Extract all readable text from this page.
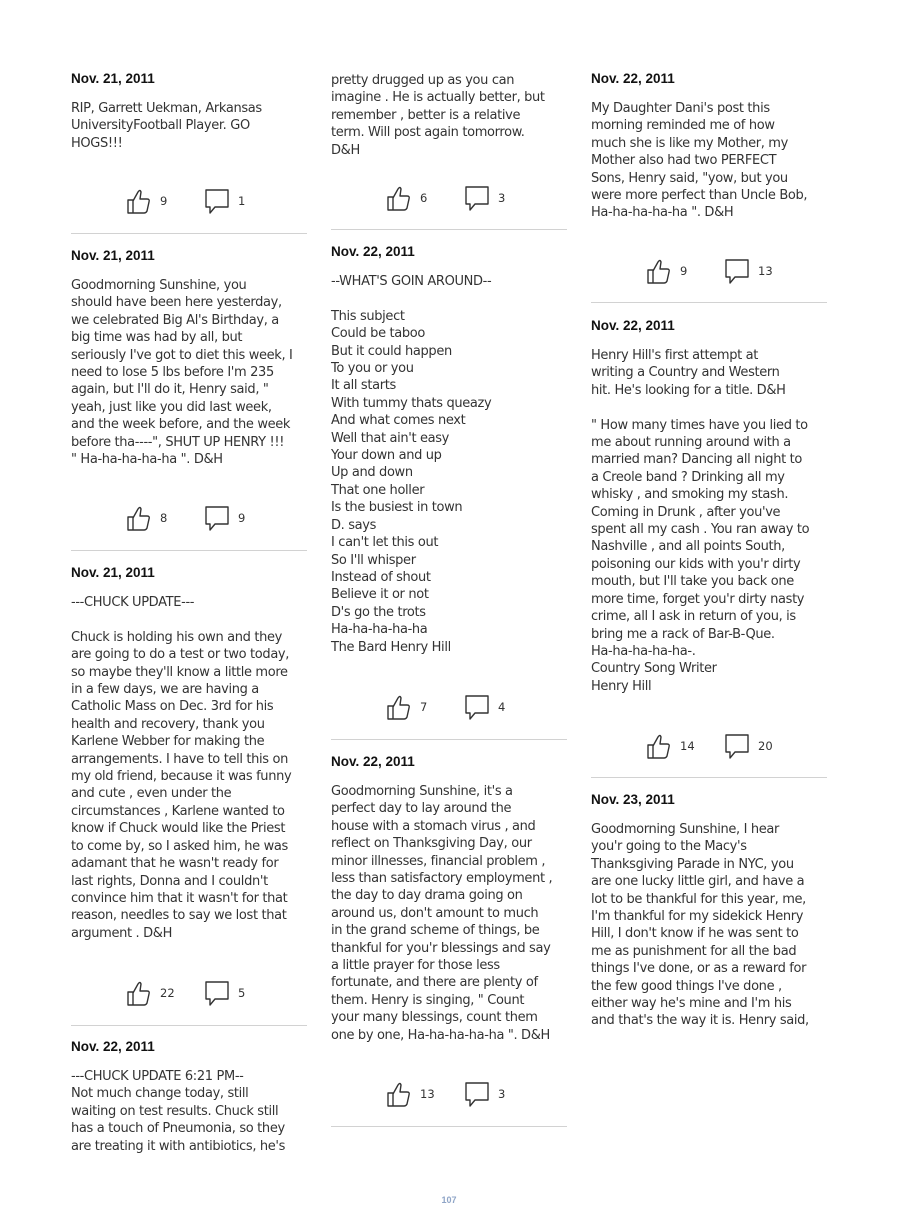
Nov. 21, 2011
RIP, Garrett Uekman, Arkansas
UniversityFootball Player. GO
HOGS!!!
9	1
Nov. 21, 2011
Goodmorning Sunshine, you
should have been here yesterday,
we celebrated Big Al's Birthday, a
big time was had by all, but
seriously I've got to diet this week, I
need to lose 5 lbs before I'm 235
again, but I'll do it, Henry said, "
yeah, just like you did last week,
and the week before, and the week
before tha----", SHUT UP HENRY !!!
" Ha-ha-ha-ha-ha ". D&H
8	9
Nov. 21, 2011
---CHUCK UPDATE---

Chuck is holding his own and they
are going to do a test or two today,
so maybe they'll know a little more
in a few days, we are having a
Catholic Mass on Dec. 3rd for his
health and recovery, thank you
Karlene Webber for making the
arrangements. I have to tell this on
my old friend, because it was funny
and cute , even under the
circumstances , Karlene wanted to
know if Chuck would like the Priest
to come by, so I asked him, he was
adamant that he wasn't ready for
last rights, Donna and I couldn't
convince him that it wasn't for that
reason, needles to say we lost that
argument . D&H
22	5
Nov. 22, 2011
---CHUCK UPDATE 6:21 PM--
Not much change today, still
waiting on test results. Chuck still
has a touch of Pneumonia, so they
are treating it with antibiotics, he's
pretty drugged up as you can
imagine . He is actually better, but
remember , better is a relative
term. Will post again tomorrow.
D&H
6	3
Nov. 22, 2011
--WHAT'S GOIN AROUND--

This subject
Could be taboo
But it could happen
To you or you
It all starts
With tummy thats queazy
And what comes next
Well that ain't easy
Your down and up
Up and down
That one holler
Is the busiest in town
D. says
I can't let this out
So I'll whisper
Instead of shout
Believe it or not
D's go the trots
Ha-ha-ha-ha-ha
The Bard Henry Hill
7	4
Nov. 22, 2011
Goodmorning Sunshine, it's a
perfect day to lay around the
house with a stomach virus , and
reflect on Thanksgiving Day, our
minor illnesses, financial problem ,
less than satisfactory employment ,
the day to day drama going on
around us, don't amount to much
in the grand scheme of things, be
thankful for you'r blessings and say
a little prayer for those less
fortunate, and there are plenty of
them. Henry is singing, " Count
your many blessings, count them
one by one, Ha-ha-ha-ha-ha ". D&H
13	3
Nov. 22, 2011
My Daughter Dani's post this
morning reminded me of how
much she is like my Mother, my
Mother also had two PERFECT
Sons, Henry said, "yow, but you
were more perfect than Uncle Bob,
Ha-ha-ha-ha-ha ". D&H
9	13
Nov. 22, 2011
Henry Hill's first attempt at
writing a Country and Western
hit. He's looking for a title. D&H

" How many times have you lied to
me about running around with a
married man? Dancing all night to
a Creole band ? Drinking all my
whisky , and smoking my stash.
Coming in Drunk , after you've
spent all my cash . You ran away to
Nashville , and all points South,
poisoning our kids with you'r dirty
mouth, but I'll take you back one
more time, forget you'r dirty nasty
crime, all I ask in return of you, is
bring me a rack of Bar-B-Que.
Ha-ha-ha-ha-ha-.
Country Song Writer
Henry Hill
14	20
Nov. 23, 2011
Goodmorning Sunshine, I hear
you'r going to the Macy's
Thanksgiving Parade in NYC, you
are one lucky little girl, and have a
lot to be thankful for this year, me,
I'm thankful for my sidekick Henry
Hill, I don't know if he was sent to
me as punishment for all the bad
things I've done, or as a reward for
the few good things I've done ,
either way he's mine and I'm his
and that's the way it is. Henry said,
107
